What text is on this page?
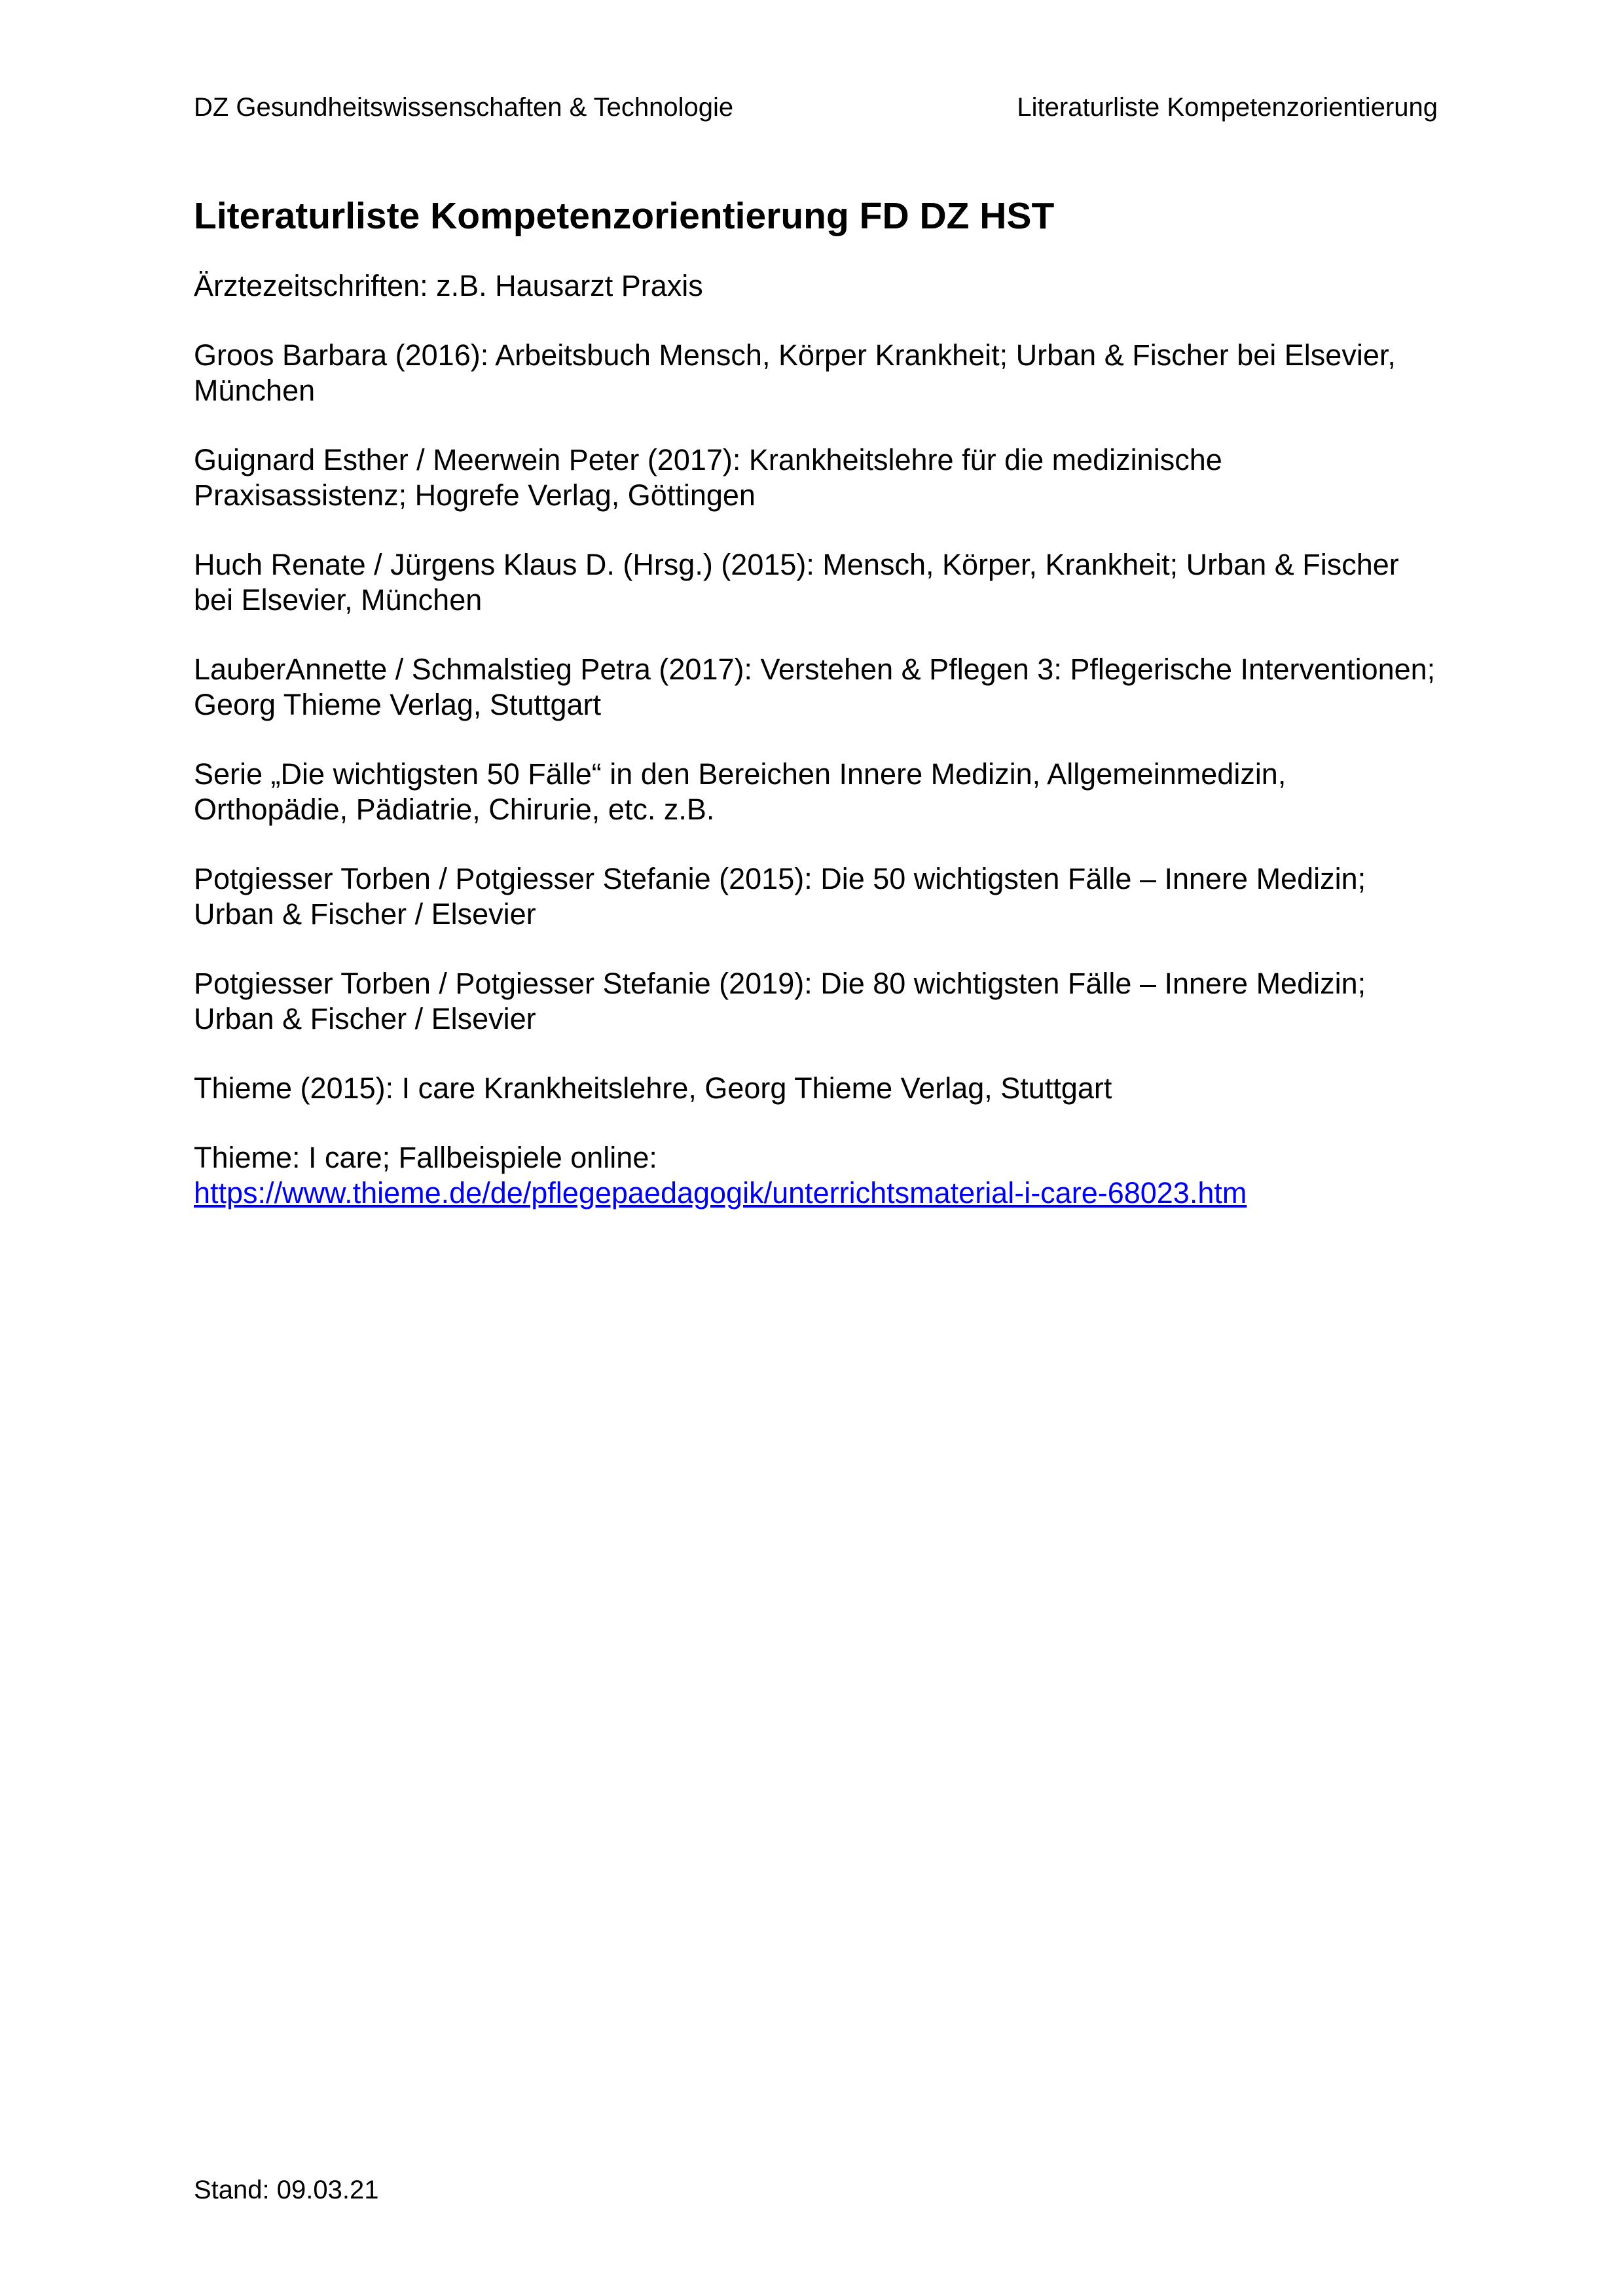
DZ Gesundheitswissenschaften & Technologie	Literaturliste Kompetenzorientierung
Literaturliste Kompetenzorientierung FD DZ HST

Ärztezeitschriften: z.B. Hausarzt Praxis

Groos Barbara (2016): Arbeitsbuch Mensch, Körper Krankheit; Urban & Fischer bei Elsevier, München

Guignard Esther / Meerwein Peter (2017): Krankheitslehre für die medizinische Praxisassistenz; Hogrefe Verlag, Göttingen

Huch Renate / Jürgens Klaus D. (Hrsg.) (2015): Mensch, Körper, Krankheit; Urban & Fischer bei Elsevier, München

LauberAnnette / Schmalstieg Petra (2017): Verstehen & Pflegen 3: Pflegerische Interventionen; Georg Thieme Verlag, Stuttgart

Serie „Die wichtigsten 50 Fälle“ in den Bereichen Innere Medizin, Allgemeinmedizin, Orthopädie, Pädiatrie, Chirurie, etc. z.B.

Potgiesser Torben / Potgiesser Stefanie (2015): Die 50 wichtigsten Fälle – Innere Medizin; Urban & Fischer / Elsevier

Potgiesser Torben / Potgiesser Stefanie (2019): Die 80 wichtigsten Fälle – Innere Medizin; Urban & Fischer / Elsevier

Thieme (2015): I care Krankheitslehre, Georg Thieme Verlag, Stuttgart

Thieme: I care; Fallbeispiele online:
https://www.thieme.de/de/pflegepaedagogik/unterrichtsmaterial-i-care-68023.htm

Stand: 09.03.21
